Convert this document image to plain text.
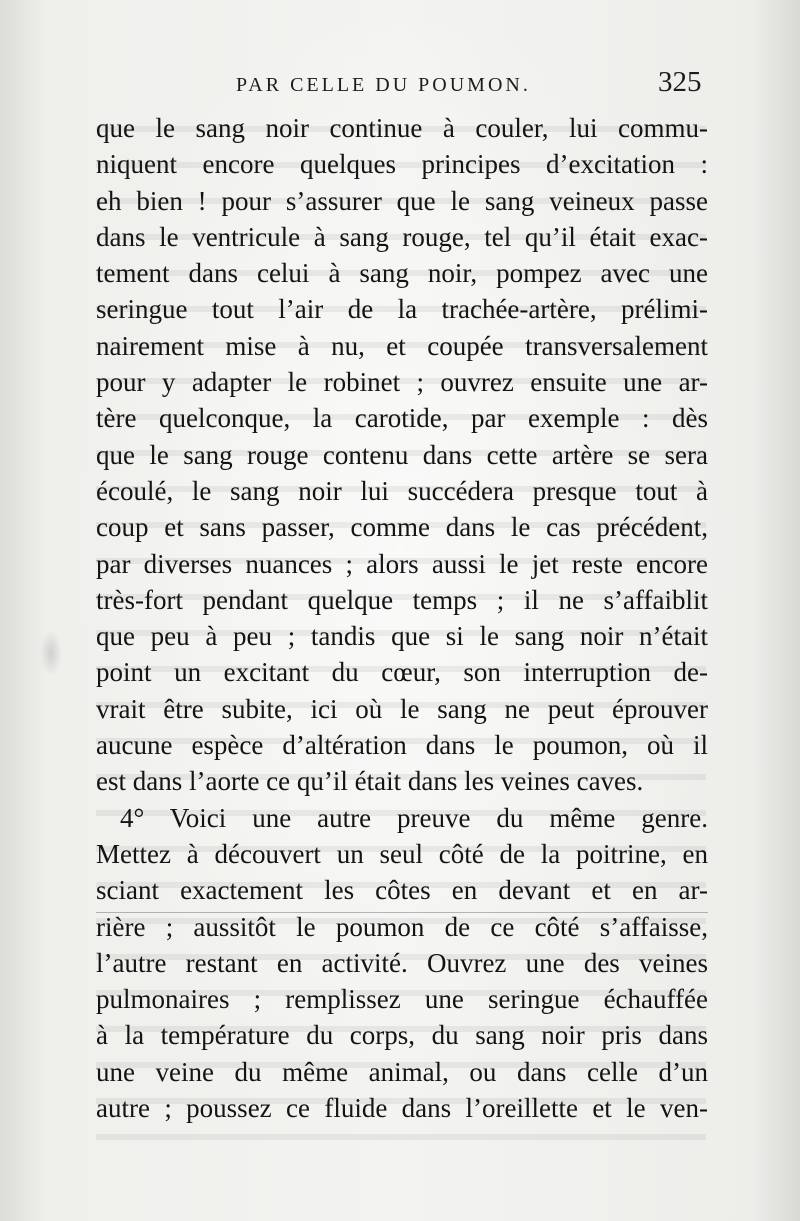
PAR CELLE DU POUMON.	325
que le sang noir continue à couler, lui commu-
niquent encore quelques principes d’excitation :
eh bien ! pour s’assurer que le sang veineux passe
dans le ventricule à sang rouge, tel qu’il était exac-
tement dans celui à sang noir, pompez avec une
seringue tout l’air de la trachée-artère, prélimi-
nairement mise à nu, et coupée transversalement
pour y adapter le robinet ; ouvrez ensuite une ar-
tère quelconque, la carotide, par exemple : dès
que le sang rouge contenu dans cette artère se sera
écoulé, le sang noir lui succédera presque tout à
coup et sans passer, comme dans le cas précédent,
par diverses nuances ; alors aussi le jet reste encore
très-fort pendant quelque temps ; il ne s’affaiblit
que peu à peu ; tandis que si le sang noir n’était
point un excitant du cœur, son interruption de-
vrait être subite, ici où le sang ne peut éprouver
aucune espèce d’altération dans le poumon, où il
est dans l’aorte ce qu’il était dans les veines caves.
4° Voici une autre preuve du même genre.
Mettez à découvert un seul côté de la poitrine, en
sciant exactement les côtes en devant et en ar-
rière ; aussitôt le poumon de ce côté s’affaisse,
l’autre restant en activité. Ouvrez une des veines
pulmonaires ; remplissez une seringue échauffée
à la température du corps, du sang noir pris dans
une veine du même animal, ou dans celle d’un
autre ; poussez ce fluide dans l’oreillette et le ven-
